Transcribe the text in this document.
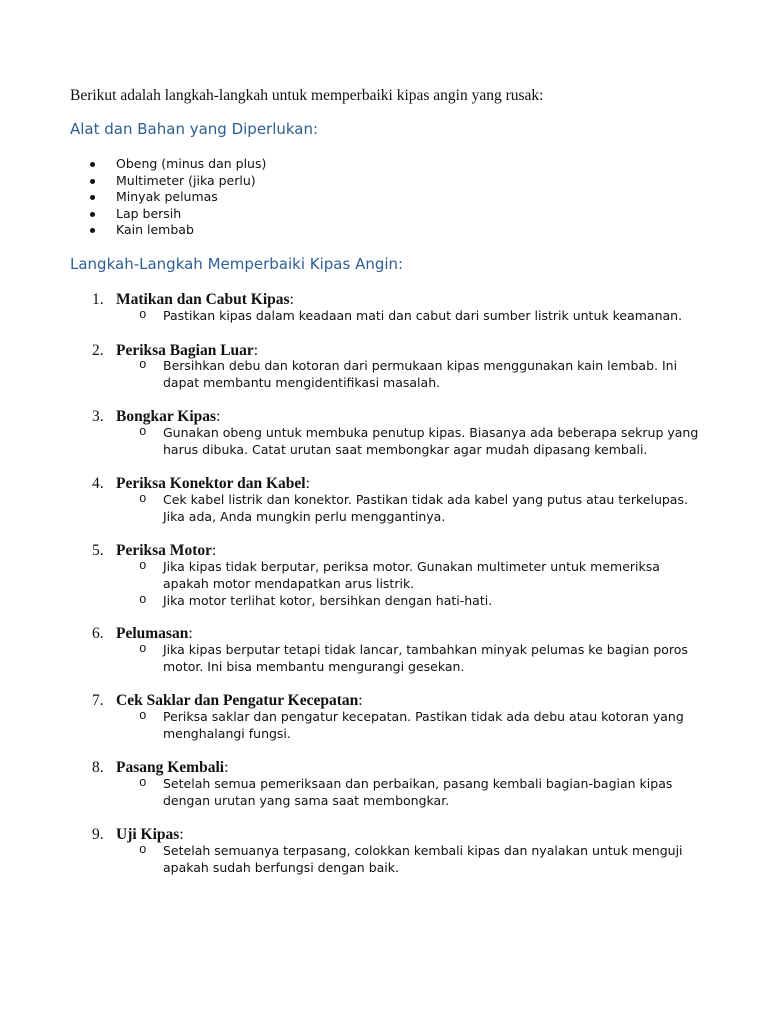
Berikut adalah langkah-langkah untuk memperbaiki kipas angin yang rusak:
Alat dan Bahan yang Diperlukan:
Obeng (minus dan plus)
Multimeter (jika perlu)
Minyak pelumas
Lap bersih
Kain lembab
Langkah-Langkah Memperbaiki Kipas Angin:
1. Matikan dan Cabut Kipas:
o Pastikan kipas dalam keadaan mati dan cabut dari sumber listrik untuk keamanan.
2. Periksa Bagian Luar:
o Bersihkan debu dan kotoran dari permukaan kipas menggunakan kain lembab. Ini dapat membantu mengidentifikasi masalah.
3. Bongkar Kipas:
o Gunakan obeng untuk membuka penutup kipas. Biasanya ada beberapa sekrup yang harus dibuka. Catat urutan saat membongkar agar mudah dipasang kembali.
4. Periksa Konektor dan Kabel:
o Cek kabel listrik dan konektor. Pastikan tidak ada kabel yang putus atau terkelupas. Jika ada, Anda mungkin perlu menggantinya.
5. Periksa Motor:
o Jika kipas tidak berputar, periksa motor. Gunakan multimeter untuk memeriksa apakah motor mendapatkan arus listrik.
o Jika motor terlihat kotor, bersihkan dengan hati-hati.
6. Pelumasan:
o Jika kipas berputar tetapi tidak lancar, tambahkan minyak pelumas ke bagian poros motor. Ini bisa membantu mengurangi gesekan.
7. Cek Saklar dan Pengatur Kecepatan:
o Periksa saklar dan pengatur kecepatan. Pastikan tidak ada debu atau kotoran yang menghalangi fungsi.
8. Pasang Kembali:
o Setelah semua pemeriksaan dan perbaikan, pasang kembali bagian-bagian kipas dengan urutan yang sama saat membongkar.
9. Uji Kipas:
o Setelah semuanya terpasang, colokkan kembali kipas dan nyalakan untuk menguji apakah sudah berfungsi dengan baik.
